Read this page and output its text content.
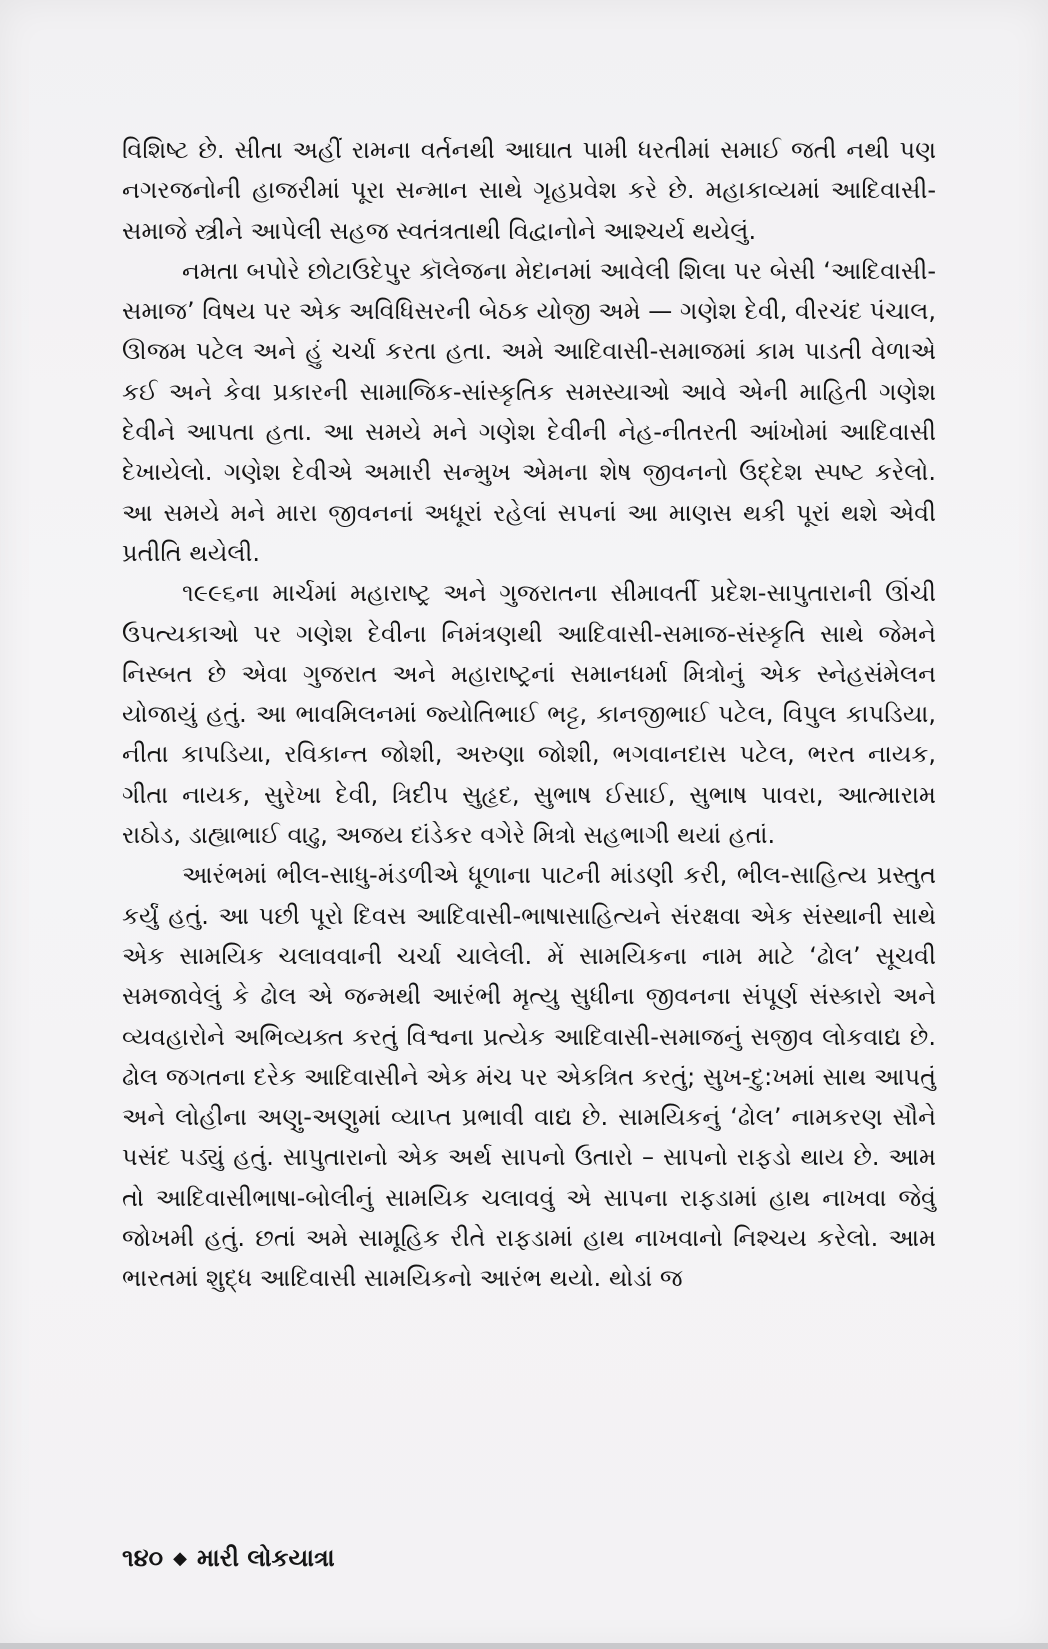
વિશિષ્ટ છે. સીતા અહીં રામના વર્તનથી આઘાત પામી ધરતીમાં સમાઈ જતી નથી પણ નગરજનોની હાજરીમાં પૂરા સન્માન સાથે ગૃહપ્રવેશ કરે છે. મહાકાવ્યમાં આદિવાસી-સમાજે સ્ત્રીને આપેલી સહજ સ્વતંત્રતાથી વિદ્વાનોને આશ્ચર્ય થયેલું.

નમતા બપોરે છોટાઉદેપુર કૉલેજના મેદાનમાં આવેલી શિલા પર બેસી ‘આદિવાસી-સમાજ’ વિષય પર એક અવિધિસરની બેઠક યોજી અમે — ગણેશ દેવી, વીરચંદ પંચાલ, ઊજમ પટેલ અને હું ચર્ચા કરતા હતા. અમે આદિવાસી-સમાજમાં કામ પાડતી વેળાએ કઈ અને કેવા પ્રકારની સામાજિક-સાંસ્કૃતિક સમસ્યાઓ આવે એની માહિતી ગણેશ દેવીને આપતા હતા. આ સમયે મને ગણેશ દેવીની નેહ-નીતરતી આંખોમાં આદિવાસી દેખાયેલો. ગણેશ દેવીએ અમારી સન્મુખ એમના શેષ જીવનનો ઉદ્દેશ સ્પષ્ટ કરેલો. આ સમયે મને મારા જીવનનાં અધૂરાં રહેલાં સપનાં આ માણસ થકી પૂરાં થશે એવી પ્રતીતિ થયેલી.

૧૯૯૬ના માર્ચમાં મહારાષ્ટ્ર અને ગુજરાતના સીમાવર્તી પ્રદેશ-સાપુતારાની ઊંચી ઉપત્યકાઓ પર ગણેશ દેવીના નિમંત્રણથી આદિવાસી-સમાજ-સંસ્કૃતિ સાથે જેમને નિસ્બત છે એવા ગુજરાત અને મહારાષ્ટ્રનાં સમાનધર્મા મિત્રોનું એક સ્નેહસંમેલન યોજાયું હતું. આ ભાવમિલનમાં જ્યોતિભાઈ ભટ્ટ, કાનજીભાઈ પટેલ, વિપુલ કાપડિયા, નીતા કાપડિયા, રવિકાન્ત જોશી, અરુણા જોશી, ભગવાનદાસ પટેલ, ભરત નાયક, ગીતા નાયક, સુરેખા દેવી, ત્રિદીપ સુહૃદ, સુભાષ ઈસાઈ, સુભાષ પાવરા, આત્મારામ રાઠોડ, ડાહ્યાભાઈ વાઢુ, અજય દાંડેકર વગેરે મિત્રો સહભાગી થયાં હતાં.

આરંભમાં ભીલ-સાધુ-મંડળીએ ધૂળાના પાટની માંડણી કરી, ભીલ-સાહિત્ય પ્રસ્તુત કર્યું હતું. આ પછી પૂરો દિવસ આદિવાસી-ભાષાસાહિત્યને સંરક્ષવા એક સંસ્થાની સાથે એક સામયિક ચલાવવાની ચર્ચા ચાલેલી. મેં સામયિકના નામ માટે ‘ઢોલ’ સૂચવી સમજાવેલું કે ઢોલ એ જન્મથી આરંભી મૃત્યુ સુધીના જીવનના સંપૂર્ણ સંસ્કારો અને વ્યવહારોને અભિવ્યક્ત કરતું વિશ્વના પ્રત્યેક આદિવાસી-સમાજનું સજીવ લોકવાદ્ય છે. ઢોલ જગતના દરેક આદિવાસીને એક મંચ પર એકત્રિત કરતું; સુખ-દુ:ખમાં સાથ આપતું અને લોહીના અણુ-અણુમાં વ્યાપ્ત પ્રભાવી વાદ્ય છે. સામયિકનું ‘ઢોલ’ નામકરણ સૌને પસંદ પડ્યું હતું. સાપુતારાનો એક અર્થ સાપનો ઉતારો – સાપનો રાફડો થાય છે. આમ તો આદિવાસીભાષા-બોલીનું સામયિક ચલાવવું એ સાપના રાફડામાં હાથ નાખવા જેવું જોખમી હતું. છતાં અમે સામૂહિક રીતે રાફડામાં હાથ નાખવાનો નિશ્ચય કરેલો. આમ ભારતમાં શુદ્ધ આદિવાસી સામયિકનો આરંભ થયો. થોડાં જ

૧૪૦ ◆ મારી લોકયાત્રા
